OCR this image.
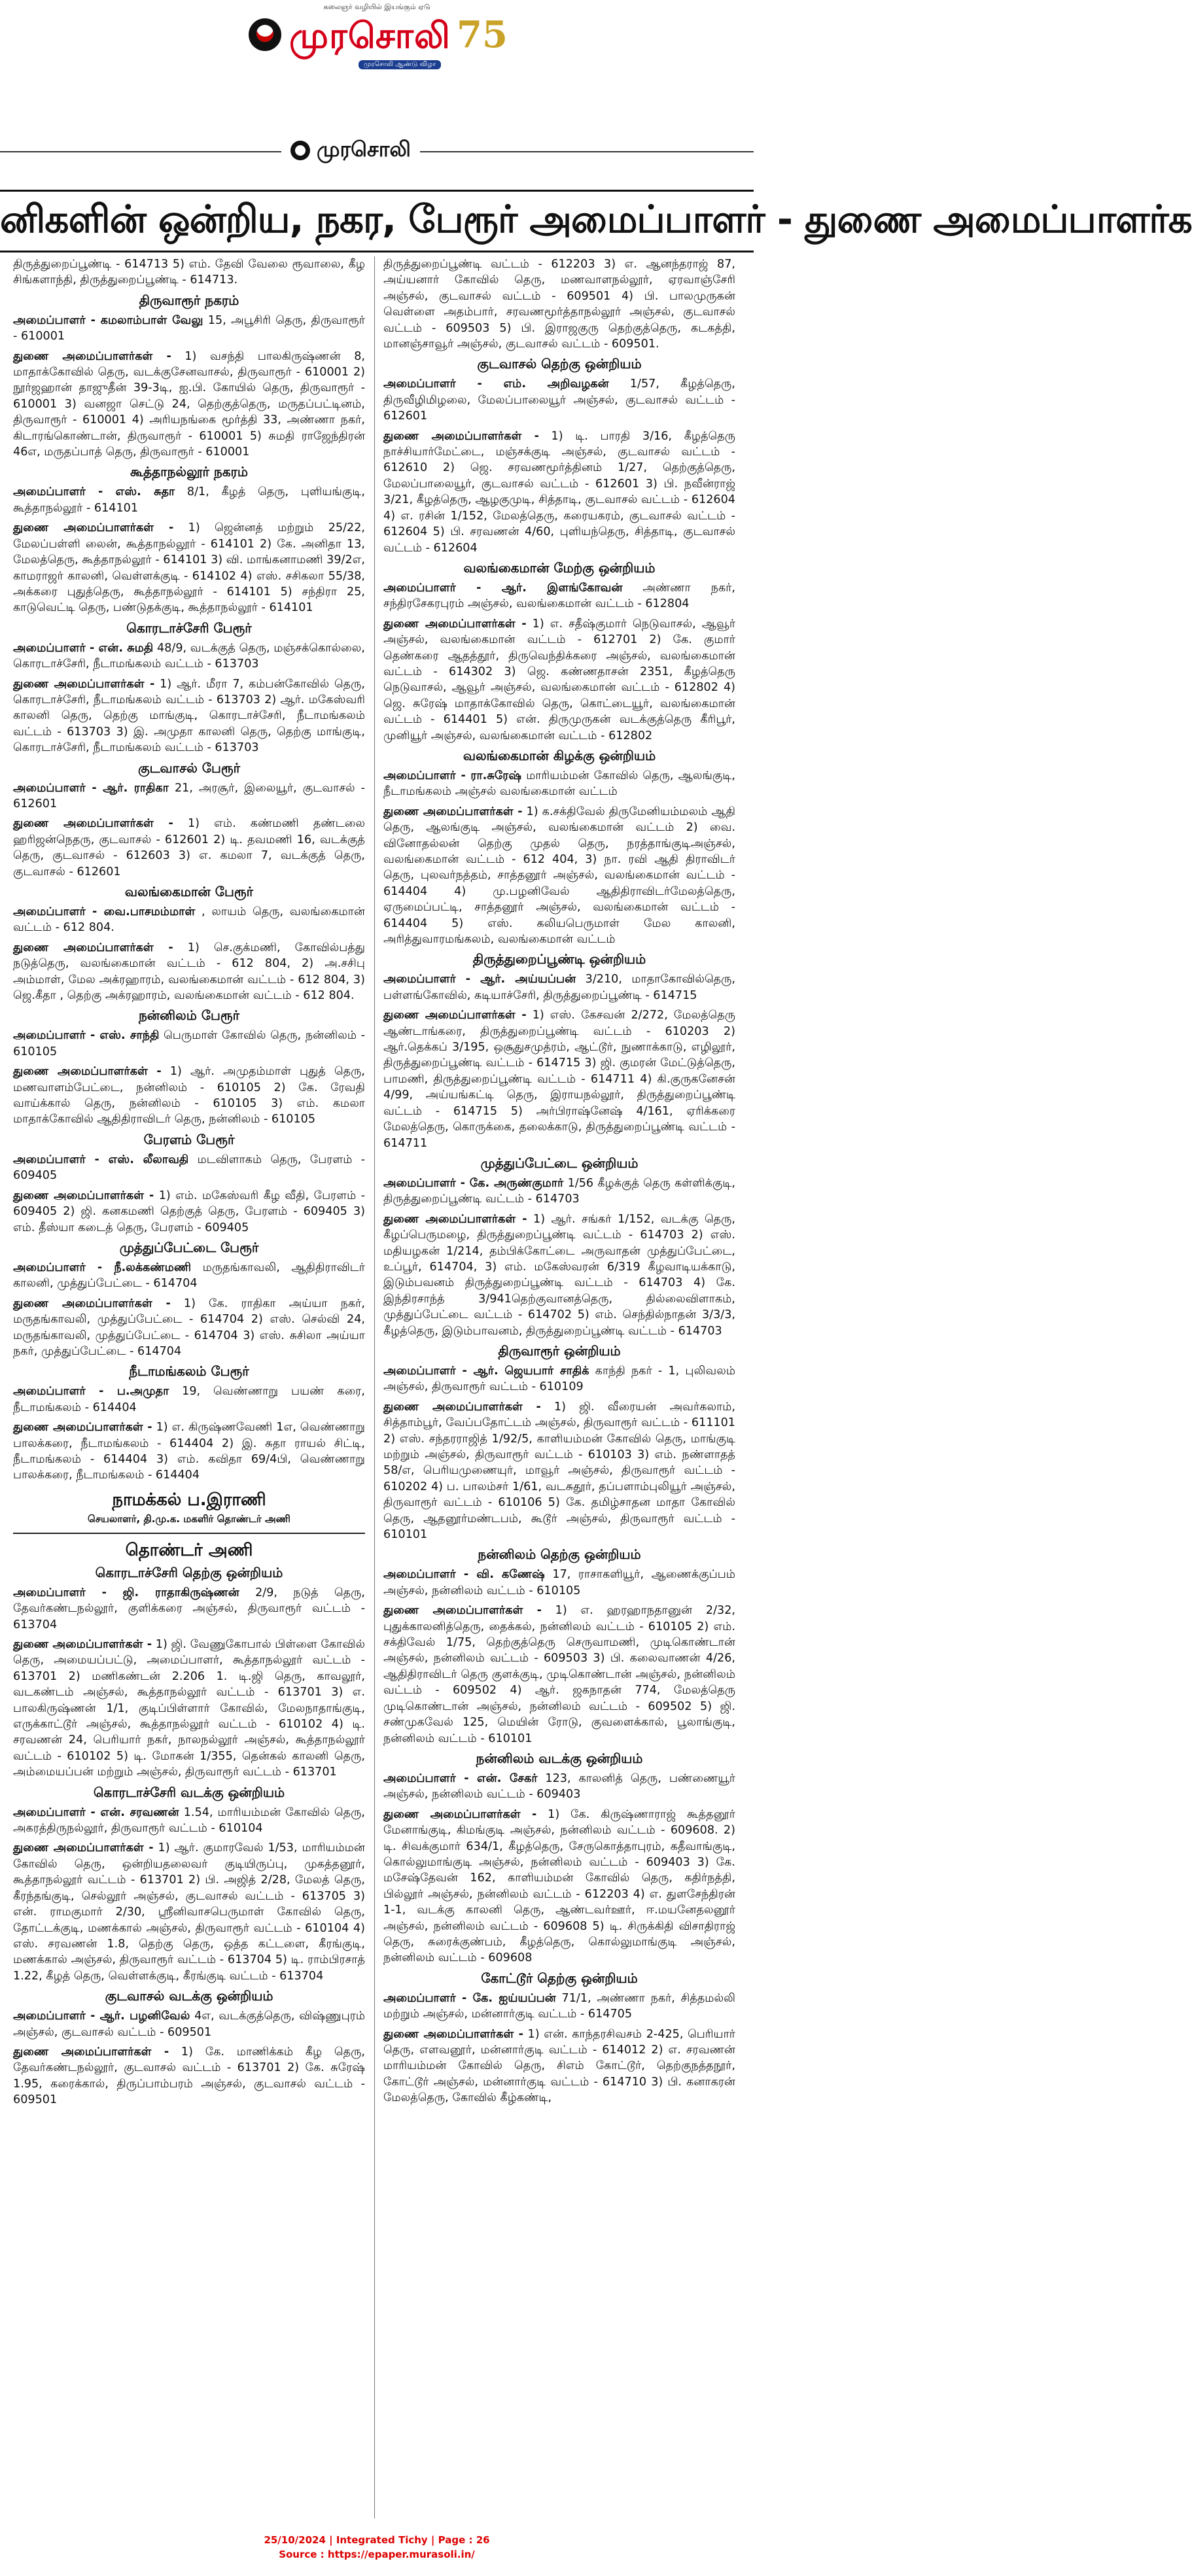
கலைஞர் வழியில் இயங்கும் ஏடு
முரசொலி 75
முரசொலி ஆண்டு விழா
முரசொலி
னிகளின் ஒன்றிய, நகர, பேரூர் அமைப்பாளர் - துணை அமைப்பாளர்க

திருத்துறைப்பூண்டி - 614713 5) எம். தேவி வேலை ரூவாலை, கீழ சிங்களாந்தி, திருத்துறைப்பூண்டி - 614713.

திருவாரூர் நகரம்

அமைப்பாளர் - கமலாம்பாள் வேலு 15, அபூசிரி தெரு, திருவாரூர் - 610001

துணை அமைப்பாளர்கள் - 1) வசந்தி பாலகிருஷ்ணன் 8, மாதாக்கோவில் தெரு, வடக்குசேனவாசல், திருவாரூர் - 610001 2) நூர்ஜஹான் தாஜுதீன் 39-3டி, ஐ.பி. கோயில் தெரு, திருவாரூர் - 610001 3) வனஜா செட்டு 24, தெற்குத்தெரு, மருதப்பட்டினம், திருவாரூர் - 610001 4) அரியநங்கை மூர்த்தி 33, அண்ணா நகர், கிடாரங்கொண்டான், திருவாரூர் - 610001 5) சுமதி ராஜேந்திரன் 46எ, மருதப்பாத் தெரு, திருவாரூர் - 610001

கூத்தாநல்லூர் நகரம்

அமைப்பாளர் - எஸ். சுதா 8/1, கீழத் தெரு, புளியங்குடி, கூத்தாநல்லூர் - 614101

துணை அமைப்பாளர்கள் - 1) ஜென்னத் மற்றும் 25/22, மேலப்பள்ளி லைன், கூத்தாநல்லூர் - 614101 2) கே. அனிதா 13, மேலத்தெரு, கூத்தாநல்லூர் - 614101 3) வி. மாங்கனாமணி 39/2எ, காமராஜர் காலனி, வெள்ளக்குடி - 614102 4) எஸ். சசிகலா 55/38, அக்கரை புதுத்தெரு, கூத்தாநல்லூர் - 614101 5) சந்திரா 25, காடுவெட்டி தெரு, பண்டுதக்குடி, கூத்தாநல்லூர் - 614101

கொரடாச்சேரி பேரூர்

அமைப்பாளர் - என். சுமதி 48/9, வடக்குத் தெரு, மஞ்சக்கொல்லை, கொரடாச்சேரி, நீடாமங்கலம் வட்டம் - 613703

துணை அமைப்பாளர்கள் - 1) ஆர். மீரா 7, கம்பன்கோவில் தெரு, கொரடாச்சேரி, நீடாமங்கலம் வட்டம் - 613703 2) ஆர். மகேஸ்வரி காலனி தெரு, தெற்கு மாங்குடி, கொரடாச்சேரி, நீடாமங்கலம் வட்டம் - 613703 3) இ. அமுதா காலனி தெரு, தெற்கு மாங்குடி, கொரடாச்சேரி, நீடாமங்கலம் வட்டம் - 613703

குடவாசல் பேரூர்

அமைப்பாளர் - ஆர். ராதிகா 21, அரசூர், இலையூர், குடவாசல் - 612601

துணை அமைப்பாளர்கள் - 1) எம். கண்மணி தண்டலை ஹரிஜன்நெதரு, குடவாசல் - 612601 2) டி. தவமணி 16, வடக்குத் தெரு, குடவாசல் - 612603 3) எ. கமலா 7, வடக்குத் தெரு, குடவாசல் - 612601

வலங்கைமான் பேரூர்

அமைப்பாளர் - வை.பாசமம்மாள் , லாயம் தெரு, வலங்கைமான் வட்டம் - 612 804.

துணை அமைப்பாளர்கள் - 1) செ.குக்மணி, கோவில்பத்து நடுத்தெரு, வலங்கைமான் வட்டம் - 612 804, 2) அ.சசிபு அம்மாள், மேல அக்ரஹாரம், வலங்கைமான் வட்டம் - 612 804, 3) ஜெ.கீதா , தெற்கு அக்ரஹாரம், வலங்கைமான் வட்டம் - 612 804.

நன்னிலம் பேரூர்

அமைப்பாளர் - எஸ். சாந்தி பெருமாள் கோவில் தெரு, நன்னிலம் - 610105

துணை அமைப்பாளர்கள் - 1) ஆர். அமுதம்மாள் புதுத் தெரு, மணவாளம்பேட்டை, நன்னிலம் - 610105 2) கே. ரேவதி வாய்க்கால் தெரு, நன்னிலம் - 610105 3) எம். கமலா மாதாக்கோவில் ஆதிதிராவிடர் தெரு, நன்னிலம் - 610105

பேரளம் பேரூர்

அமைப்பாளர் - எஸ். லீலாவதி மடவிளாகம் தெரு, பேரளம் - 609405

துணை அமைப்பாளர்கள் - 1) எம். மகேஸ்வரி கீழ வீதி, பேரளம் - 609405 2) ஜி. கனகமணி தெற்குத் தெரு, பேரளம் - 609405 3) எம். தீஸ்யா கடைத் தெரு, பேரளம் - 609405

முத்துப்பேட்டை பேரூர்

அமைப்பாளர் - நீ.லக்கண்மணி மருதங்காவலி, ஆதிதிராவிடர் காலனி, முத்துப்பேட்டை - 614704

துணை அமைப்பாளர்கள் - 1) கே. ராதிகா அய்யா நகர், மருதங்காவலி, முத்துப்பேட்டை - 614704 2) எஸ். செல்வி 24, மருதங்காவலி, முத்துப்பேட்டை - 614704 3) எஸ். சுசிலா அய்யா நகர், முத்துப்பேட்டை - 614704

நீடாமங்கலம் பேரூர்

அமைப்பாளர் - ப.அமுதா 19, வெண்ணாறு பயண் கரை, நீடாமங்கலம் - 614404

துணை அமைப்பாளர்கள் - 1) எ. கிருஷ்ணவேணி 1எ, வெண்ணாறு பாலக்கரை, நீடாமங்கலம் - 614404 2) இ. சுதா ராயல் சிட்டி, நீடாமங்கலம் - 614404 3) எம். கவிதா 69/4பி, வெண்ணாறு பாலக்கரை, நீடாமங்கலம் - 614404

நாமக்கல் ப.இராணி
செயலாளர், தி.மு.க. மகளிர் தொண்டர் அணி
தொண்டர் அணி
கொரடாச்சேரி தெற்கு ஒன்றியம்

அமைப்பாளர் - ஜி. ராதாகிருஷ்ணன் 2/9, நடுத் தெரு, தேவர்கண்டநல்லூர், குளிக்கரை அஞ்சல், திருவாரூர் வட்டம் - 613704

துணை அமைப்பாளர்கள் - 1) ஜி. வேணுகோபால் பிள்ளை கோவில் தெரு, அமையப்பட்டு, அமைப்பாளர், கூத்தாநல்லூர் வட்டம் - 613701 2) மணிகண்டன் 2.206 1. டி.ஜி தெரு, காவலூர், வடகண்டம் அஞ்சல், கூத்தாநல்லூர் வட்டம் - 613701 3) எ. பாலகிருஷ்ணன் 1/1, குடிப்பிள்ளார் கோவில், மேலநாதாங்குடி, எருக்காட்டூர் அஞ்சல், கூத்தாநல்லூர் வட்டம் - 610102 4) டி. சரவணன் 24, பெரியார் நகர், நாலநல்லூர் அஞ்சல், கூத்தாநல்லூர் வட்டம் - 610102 5) டி. மோகன் 1/355, தென்கல் காலனி தெரு, அம்மையப்பன் மற்றும் அஞ்சல், திருவாரூர் வட்டம் - 613701

கொரடாச்சேரி வடக்கு ஒன்றியம்

அமைப்பாளர் - என். சரவணன் 1.54, மாரியம்மன் கோவில் தெரு, அகரத்திருநல்லூர், திருவாரூர் வட்டம் - 610104

துணை அமைப்பாளர்கள் - 1) ஆர். குமாரவேல் 1/53, மாரியம்மன் கோவில் தெரு, ஒன்றியதலைவர் குடியிருப்பு, முகத்தனூர், கூத்தாநல்லூர் வட்டம் - 613701 2) பி. அஜித் 2/28, மேலத் தெரு, கீரந்தங்குடி, செல்லூர் அஞ்சல், குடவாசல் வட்டம் - 613705 3) என். ராமகுமார் 2/30, ஸ்ரீனிவாசபெருமாள் கோவில் தெரு, தோட்டக்குடி, மணக்கால் அஞ்சல், திருவாரூர் வட்டம் - 610104 4) எஸ். சரவணன் 1.8, தெற்கு தெரு, ஒத்த கட்டளை, கீரங்குடி, மணக்கால் அஞ்சல், திருவாரூர் வட்டம் - 613704 5) டி. ராம்பிரசாத் 1.22, கீழத் தெரு, வெள்ளக்குடி, கீரங்குடி வட்டம் - 613704

குடவாசல் வடக்கு ஒன்றியம்

அமைப்பாளர் - ஆர். பழனிவேல் 4எ, வடக்குத்தெரு, விஷ்ணுபுரம் அஞ்சல், குடவாசல் வட்டம் - 609501

துணை அமைப்பாளர்கள் - 1) கே. மாணிக்கம் கீழ தெரு, தேவர்கண்டநல்லூர், குடவாசல் வட்டம் - 613701 2) கே. சுரேஷ் 1.95, கரைக்கால், திருப்பாம்பரம் அஞ்சல், குடவாசல் வட்டம் - 609501

திருத்துறைப்பூண்டி வட்டம் - 612203 3) எ. ஆனந்தராஜ் 87, அய்யனார் கோவில் தெரு, மணவாளநல்லூர், ஏரவாஞ்சேரி அஞ்சல், குடவாசல் வட்டம் - 609501 4) பி. பாலமுருகன் வெள்ளை அதம்பார், சரவணமூர்த்தாநல்லூர் அஞ்சல், குடவாசல் வட்டம் - 609503 5) பி. இராஜகுரு தெற்குத்தெரு, கடகத்தி, மானஞ்சாவூர் அஞ்சல், குடவாசல் வட்டம் - 609501.

குடவாசல் தெற்கு ஒன்றியம்

அமைப்பாளர் - எம். அறிவழகன் 1/57, கீழத்தெரு, திருவீழிமிழலை, மேலப்பாலையூர் அஞ்சல், குடவாசல் வட்டம் - 612601

துணை அமைப்பாளர்கள் - 1) டி. பாரதி 3/16, கீழத்தெரு நாச்சியார்மேட்டை, மஞ்சக்குடி அஞ்சல், குடவாசல் வட்டம் - 612610 2) ஜெ. சரவணமூர்த்தினம் 1/27, தெற்குத்தெரு, மேலப்பாலையூர், குடவாசல் வட்டம் - 612601 3) பி. நவீன்ராஜ் 3/21, கீழத்தெரு, ஆழகுமுடி, சித்தாடி, குடவாசல் வட்டம் - 612604 4) எ. ரசின் 1/152, மேலத்தெரு, கரையகரம், குடவாசல் வட்டம் - 612604 5) பி. சரவணன் 4/60, புளியந்தெரு, சித்தாடி, குடவாசல் வட்டம் - 612604

வலங்கைமான் மேற்கு ஒன்றியம்

அமைப்பாளர் - ஆர். இளங்கோவன் அண்ணா நகர், சந்திரசேகரபுரம் அஞ்சல், வலங்கைமான் வட்டம் - 612804

துணை அமைப்பாளர்கள் - 1) எ. சதீஷ்குமார் நெடுவாசல், ஆவூர் அஞ்சல், வலங்கைமான் வட்டம் - 612701 2) கே. குமார் தெண்கரை ஆதத்தூர், திருவெந்திக்கரை அஞ்சல், வலங்கைமான் வட்டம் - 614302 3) ஜெ. கண்ணதாசன் 2351, கீழத்தெரு நெடுவாசல், ஆவூர் அஞ்சல், வலங்கைமான் வட்டம் - 612802 4) ஜெ. சுரேஷ் மாதாக்கோவில் தெரு, கொட்டையூர், வலங்கைமான் வட்டம் - 614401 5) என். திருமுருகன் வடக்குத்தெரு கீரிபூர், முனியூர் அஞ்சல், வலங்கைமான் வட்டம் - 612802

வலங்கைமான் கிழக்கு ஒன்றியம்

அமைப்பாளர் - ரா.சுரேஷ் மாரியம்மன் கோவில் தெரு, ஆலங்குடி, நீடாமங்கலம் அஞ்சல் வலங்கைமான் வட்டம்

துணை அமைப்பாளர்கள் - 1) க.சக்திவேல் திருமேனியம்மலம் ஆதி தெரு, ஆலங்குடி அஞ்சல், வலங்கைமான் வட்டம் 2) வை. வினோதல்லன் தெற்கு முதல் தெரு, நரத்தாங்குடிஅஞ்சல், வலங்கைமான் வட்டம் - 612 404, 3) நா. ரவி ஆதி திராவிடர் தெரு, புலவர்நத்தம், சாத்தனூர் அஞ்சல், வலங்கைமான் வட்டம் - 614404 4) மு.பழனிவேல் ஆதிதிராவிடர்மேலத்தெரு, ஏருமைப்பட்டி, சாத்தனூர் அஞ்சல், வலங்கைமான் வட்டம் - 614404 5) எஸ். கலியபெருமாள் மேல காலனி, அரித்துவாரமங்கலம், வலங்கைமான் வட்டம்

திருத்துறைப்பூண்டி ஒன்றியம்

அமைப்பாளர் - ஆர். அய்யப்பன் 3/210, மாதாகோவில்தெரு, பள்ளங்கோவில், கடியாச்சேரி, திருத்துறைப்பூண்டி - 614715

துணை அமைப்பாளர்கள் - 1) எஸ். கேசவன் 2/272, மேலத்தெரு ஆண்டாங்கரை, திருத்துறைப்பூண்டி வட்டம் - 610203 2) ஆர்.தெக்கப் 3/195, ஒசூதுசமுத்ரம், ஆட்டூர், நுணாக்காடு, எழிலூர், திருத்துறைப்பூண்டி வட்டம் - 614715 3) ஜி. குமரன் மேட்டுத்தெரு, பாமணி, திருத்துறைப்பூண்டி வட்டம் - 614711 4) கி.குருகனேசன் 4/99, அய்யங்கட்டி தெரு, இராயநல்லூர், திருத்துறைப்பூண்டி வட்டம் - 614715 5) அர்பிராஷ்னேஷ் 4/161, ஏரிக்கரை மேலத்தெரு, கொருக்கை, தலைக்காடு, திருத்துறைப்பூண்டி வட்டம் - 614711

முத்துப்பேட்டை ஒன்றியம்

அமைப்பாளர் - கே. அருண்குமார் 1/56 கீழக்குத் தெரு கள்ளிக்குடி, திருத்துறைப்பூண்டி வட்டம் - 614703

துணை அமைப்பாளர்கள் - 1) ஆர். சங்கர் 1/152, வடக்கு தெரு, கீழப்பெருமழை, திருத்துறைப்பூண்டி வட்டம் - 614703 2) எஸ். மதியழகன் 1/214, தம்பிக்கோட்டை அருவாதன் முத்துப்பேட்டை, உப்பூர், 614704, 3) எம். மகேஸ்வரன் 6/319 கீழவாடியக்காடு, இடும்பவனம் திருத்துறைப்பூண்டி வட்டம் - 614703 4) கே. இந்திரசாந்த் 3/941தெற்குவானத்தெரு, தில்லைவிளாகம், முத்துப்பேட்டை வட்டம் - 614702 5) எம். செந்தில்நாதன் 3/3/3, கீழத்தெரு, இடும்பாவனம், திருத்துறைப்பூண்டி வட்டம் - 614703

திருவாரூர் ஒன்றியம்

அமைப்பாளர் - ஆர். ஜெயபார் சாதிக் காந்தி நகர் - 1, புலிவலம் அஞ்சல், திருவாரூர் வட்டம் - 610109

துணை அமைப்பாளர்கள் - 1) ஜி. வீரையன் அவர்கலாம், சித்தாம்பூர், வேப்பதோட்டம் அஞ்சல், திருவாரூர் வட்டம் - 611101 2) எஸ். சந்தரராஜித் 1/92/5, காளியம்மன் கோவில் தெரு, மாங்குடி மற்றும் அஞ்சல், திருவாரூர் வட்டம் - 610103 3) எம். நண்ளாதத் 58/எ, பெரியமுணையுர், மாவூர் அஞ்சல், திருவாரூர் வட்டம் - 610202 4) ப. பாலம்சர் 1/61, வடசுதூர், தப்பளாம்புலியூர் அஞ்சல், திருவாரூர் வட்டம் - 610106 5) கே. தமிழ்சாதன மாதா கோவில் தெரு, ஆதனூர்மண்டபம், கூடூர் அஞ்சல், திருவாரூர் வட்டம் - 610101

நன்னிலம் தெற்கு ஒன்றியம்

அமைப்பாளர் - வி. கணேஷ் 17, ராசாகளியூர், ஆணைக்குப்பம் அஞ்சல், நன்னிலம் வட்டம் - 610105

துணை அமைப்பாளர்கள் - 1) எ. ஹரஹாநதானுன் 2/32, புதுக்காலனித்தெரு, தைக்கல், நன்னிலம் வட்டம் - 610105 2) எம். சக்திவேல் 1/75, தெற்குத்தெரு செருவாமணி, முடிகொண்டான் அஞ்சல், நன்னிலம் வட்டம் - 609503 3) பி. கலைவாணன் 4/26, ஆதிதிராவிடர் தெரு குளக்குடி, முடிகொண்டான் அஞ்சல், நன்னிலம் வட்டம் - 609502 4) ஆர். ஜகநாதன் 774, மேலத்தெரு முடிகொண்டான் அஞ்சல், நன்னிலம் வட்டம் - 609502 5) ஜி. சண்முகவேல் 125, மெயின் ரோடு, குவளைக்கால், பூலாங்குடி, நன்னிலம் வட்டம் - 610101

நன்னிலம் வடக்கு ஒன்றியம்

அமைப்பாளர் - என். சேகர் 123, காலனித் தெரு, பண்ணையூர் அஞ்சல், நன்னிலம் வட்டம் - 609403

துணை அமைப்பாளர்கள் - 1) கே. கிருஷ்ணாராஜ் கூத்தனூர் மேனாங்குடி, கிமங்குடி அஞ்சல், நன்னிலம் வட்டம் - 609608. 2) டி. சிவக்குமார் 634/1, கீழத்தெரு, சேருகொத்தாபுரம், கதீவாங்குடி, கொல்லுமாங்குடி அஞ்சல், நன்னிலம் வட்டம் - 609403 3) கே. மசேஷ்தேவன் 162, காளியம்மன் கோவில் தெரு, கதிர்நத்தி, பில்லூர் அஞ்சல், நன்னிலம் வட்டம் - 612203 4) எ. துளசேந்திரன் 1-1, வடக்கு காலனி தெரு, ஆண்டவர்ஊர், ஈ.மயனேதலனூர் அஞ்சல், நன்னிலம் வட்டம் - 609608 5) டி. சிருக்கிதி விசாதிராஜ் தெரு, சுரைக்குண்பம், கீழத்தெரு, கொல்லுமாங்குடி அஞ்சல், நன்னிலம் வட்டம் - 609608

கோட்டூர் தெற்கு ஒன்றியம்

அமைப்பாளர் - கே. ஐய்யப்பன் 71/1, அண்ணா நகர், சித்தமல்லி மற்றும் அஞ்சல், மன்னார்குடி வட்டம் - 614705

துணை அமைப்பாளர்கள் - 1) என். காந்தரசிவசம் 2-425, பெரியார் தெரு, எளவனூர், மன்னார்குடி வட்டம் - 614012 2) எ. சரவணன் மாரியம்மன் கோவில் தெரு, சிஎம் கோட்டூர், தெற்குநத்தநூர், கோட்டூர் அஞ்சல், மன்னார்குடி வட்டம் - 614710 3) பி. கனாகரன் மேலத்தெரு, கோவில் கீழ்கண்டி,

25/10/2024 | Integrated Tichy | Page : 26
Source : https://epaper.murasoli.in/
